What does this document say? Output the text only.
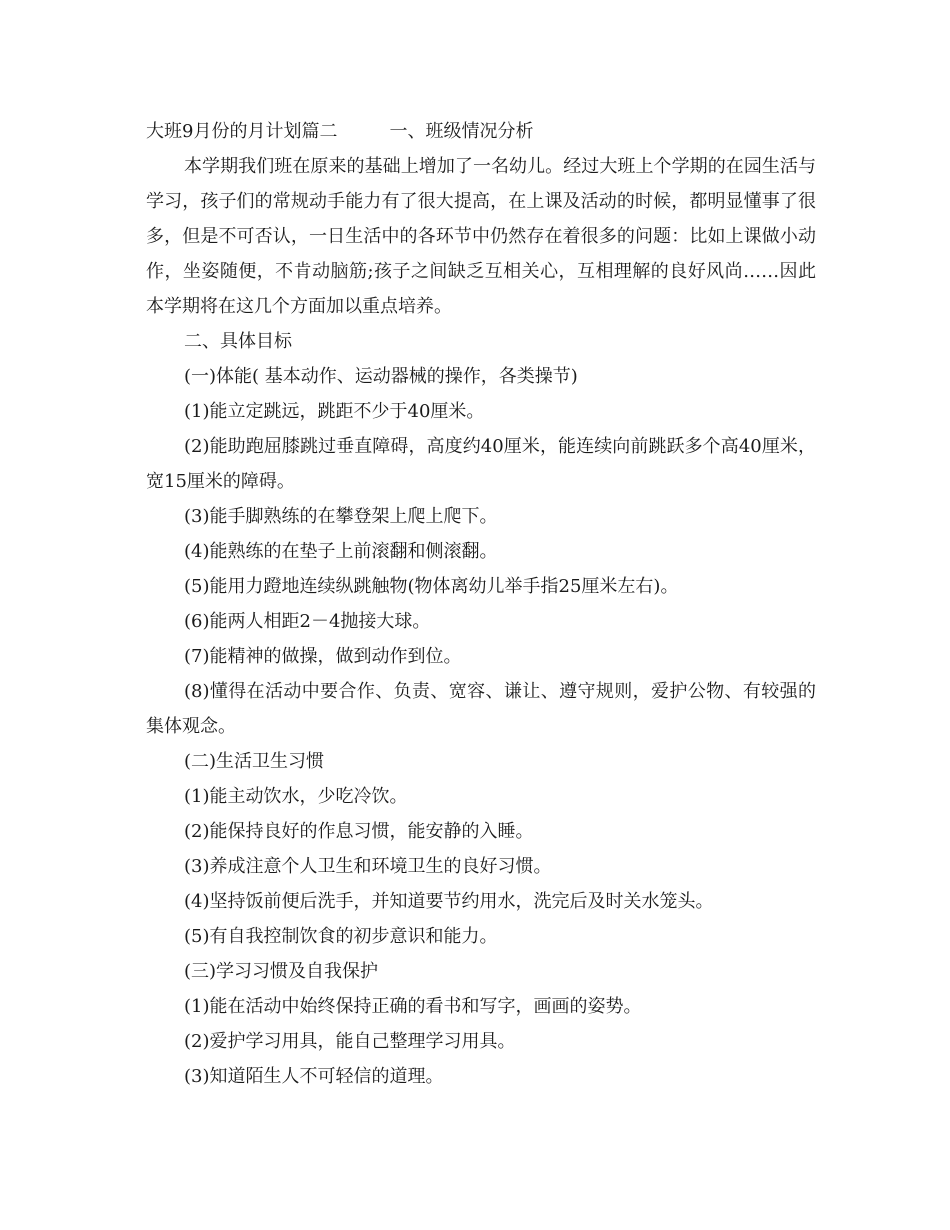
大班9月份的月计划篇二	一、班级情况分析

本学期我们班在原来的基础上增加了一名幼儿。经过大班上个学期的在园生活与学习，孩子们的常规动手能力有了很大提高，在上课及活动的时候，都明显懂事了很多，但是不可否认，一日生活中的各环节中仍然存在着很多的问题：比如上课做小动作，坐姿随便，不肯动脑筋;孩子之间缺乏互相关心，互相理解的良好风尚……因此本学期将在这几个方面加以重点培养。

二、具体目标

(一)体能( 基本动作、运动器械的操作，各类操节)

(1)能立定跳远，跳距不少于40厘米。

(2)能助跑屈膝跳过垂直障碍，高度约40厘米，能连续向前跳跃多个高40厘米，宽15厘米的障碍。

(3)能手脚熟练的在攀登架上爬上爬下。

(4)能熟练的在垫子上前滚翻和侧滚翻。

(5)能用力蹬地连续纵跳触物(物体离幼儿举手指25厘米左右)。

(6)能两人相距2－4抛接大球。

(7)能精神的做操，做到动作到位。

(8)懂得在活动中要合作、负责、宽容、谦让、遵守规则，爱护公物、有较强的集体观念。

(二)生活卫生习惯

(1)能主动饮水，少吃冷饮。

(2)能保持良好的作息习惯，能安静的入睡。

(3)养成注意个人卫生和环境卫生的良好习惯。

(4)坚持饭前便后洗手，并知道要节约用水，洗完后及时关水笼头。

(5)有自我控制饮食的初步意识和能力。

(三)学习习惯及自我保护

(1)能在活动中始终保持正确的看书和写字，画画的姿势。

(2)爱护学习用具，能自己整理学习用具。

(3)知道陌生人不可轻信的道理。
